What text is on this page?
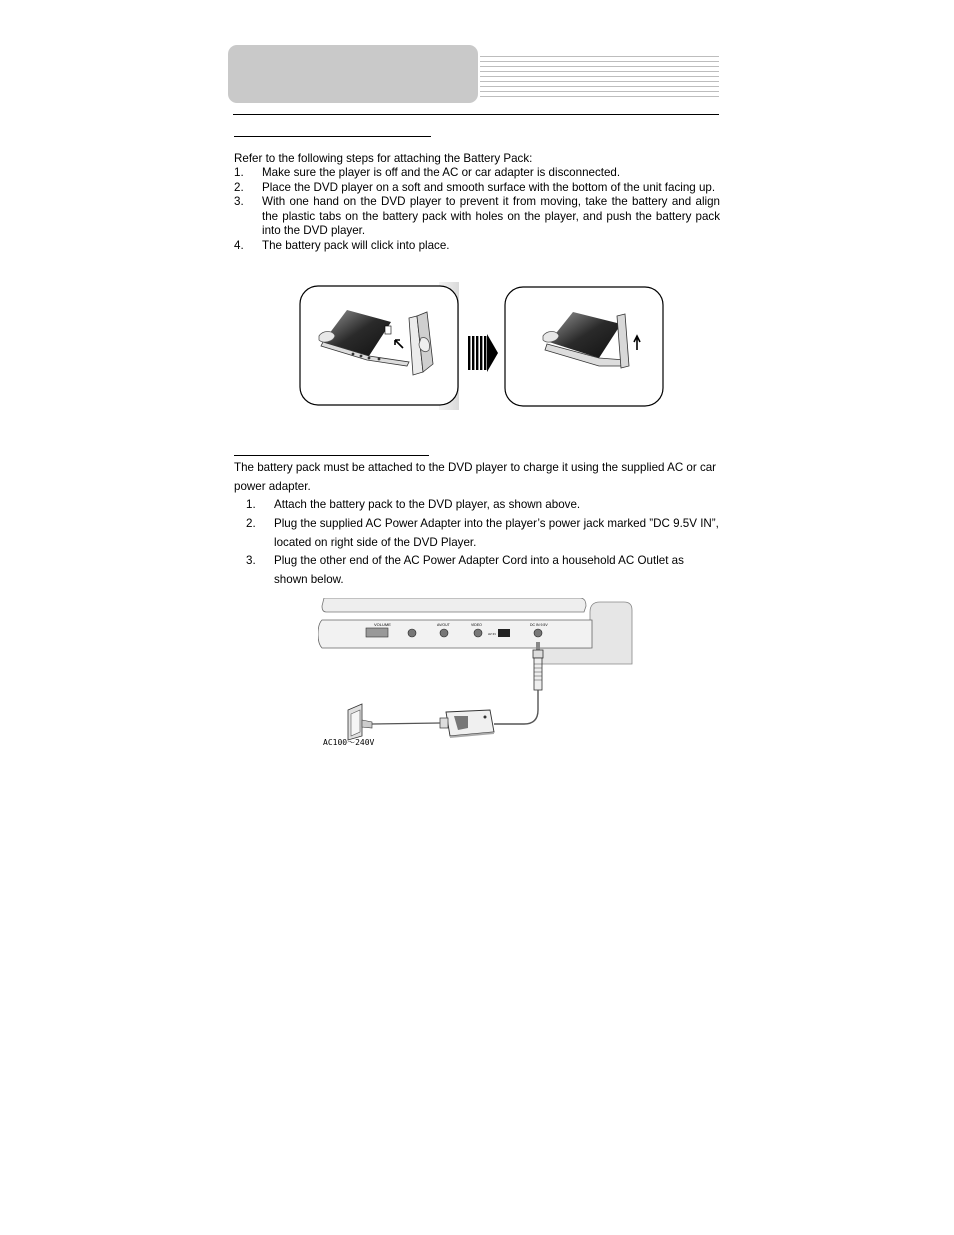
Refer to the following steps for attaching the Battery Pack:
1.	Make sure the player is off and the AC or car adapter is disconnected.
2.	Place the DVD player on a soft and smooth surface with the bottom of the unit facing up.
3.	With one hand on the DVD player to prevent it from moving, take the battery and align the plastic tabs on the battery pack with holes on the player, and push the battery pack into the DVD player.
4.	The battery pack will click into place.
The battery pack must be attached to the DVD player to charge it using the supplied AC or car power adapter.
1.	Attach the battery pack to the DVD player, as shown above.
2.	Plug the supplied AC Power Adapter into the player’s power jack marked ”DC 9.5V IN”, located on right side of the DVD Player.
3.	Plug the other end of the AC Power Adapter Cord into a household AC Outlet as shown below.
VOLUME	AV/OUT	VIDEO
AV IN
DC IN 9.5V
AC100～240V
